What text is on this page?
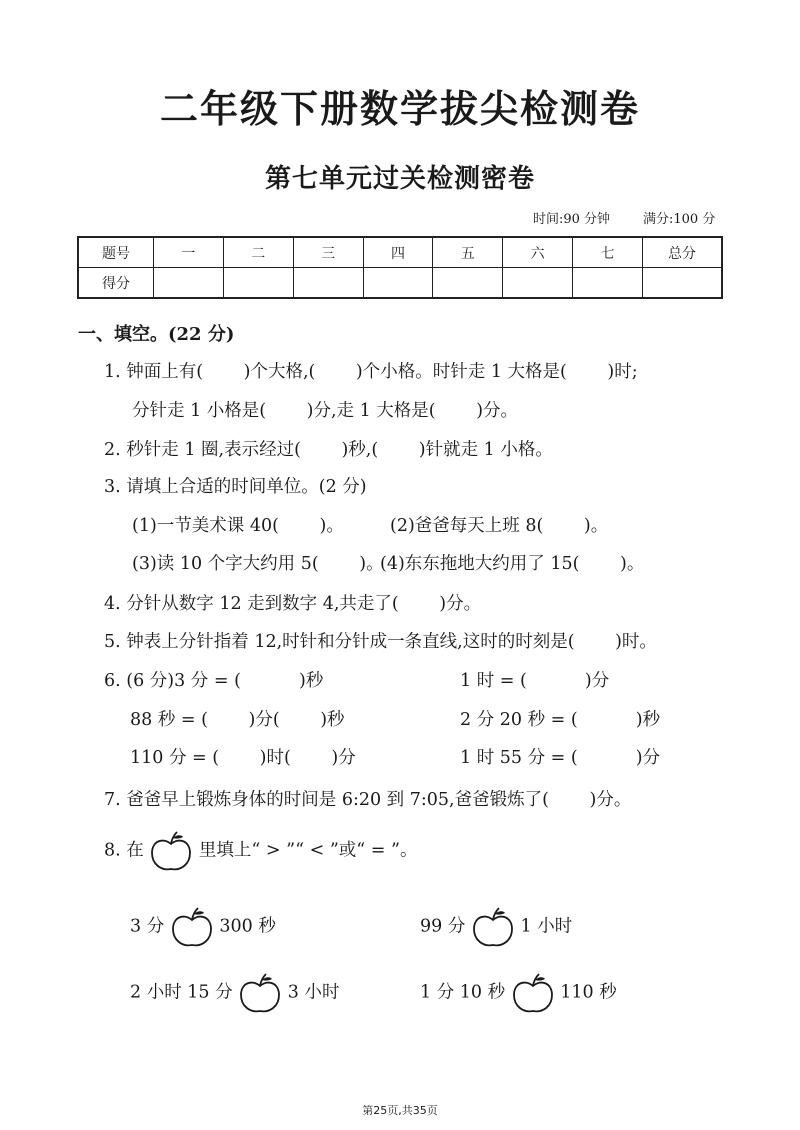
二年级下册数学拔尖检测卷
第七单元过关检测密卷
时间:90 分钟	满分:100 分
题号	一	二	三	四	五	六	七	总分
得分								
一、填空。(22 分)
1. 钟面上有(　　 )个大格,(　　 )个小格。时针走 1 大格是(　　 )时;
分针走 1 小格是(　　 )分,走 1 大格是(　　 )分。
2. 秒针走 1 圈,表示经过(　　 )秒,(　　 )针就走 1 小格。
3. 请填上合适的时间单位。(2 分)
(1)一节美术课 40(　　 )。	(2)爸爸每天上班 8(　　 )。
(3)读 10 个字大约用 5(　　 )。
(4)东东拖地大约用了 15(　　 )。
4. 分针从数字 12 走到数字 4,共走了(　　 )分。
5. 钟表上分针指着 12,时针和分针成一条直线,这时的时刻是(　　 )时。
6. (6 分)3 分 = (　　　 )秒	1 时 = (　　　 )分
88 秒 = (　　 )分(　　 )秒	2 分 20 秒 = (　　　 )秒
110 分 = (　　 )时(　　 )分	1 时 55 分 = (　　　 )分
7. 爸爸早上锻炼身体的时间是 6:20 到 7:05,爸爸锻炼了(　　 )分。
8. 在	里填上“ > ”“ < ”或“ = ”。
3 分	300 秒	99 分	1 小时
2 小时 15 分	3 小时	1 分 10 秒	110 秒
第25页,共35页
